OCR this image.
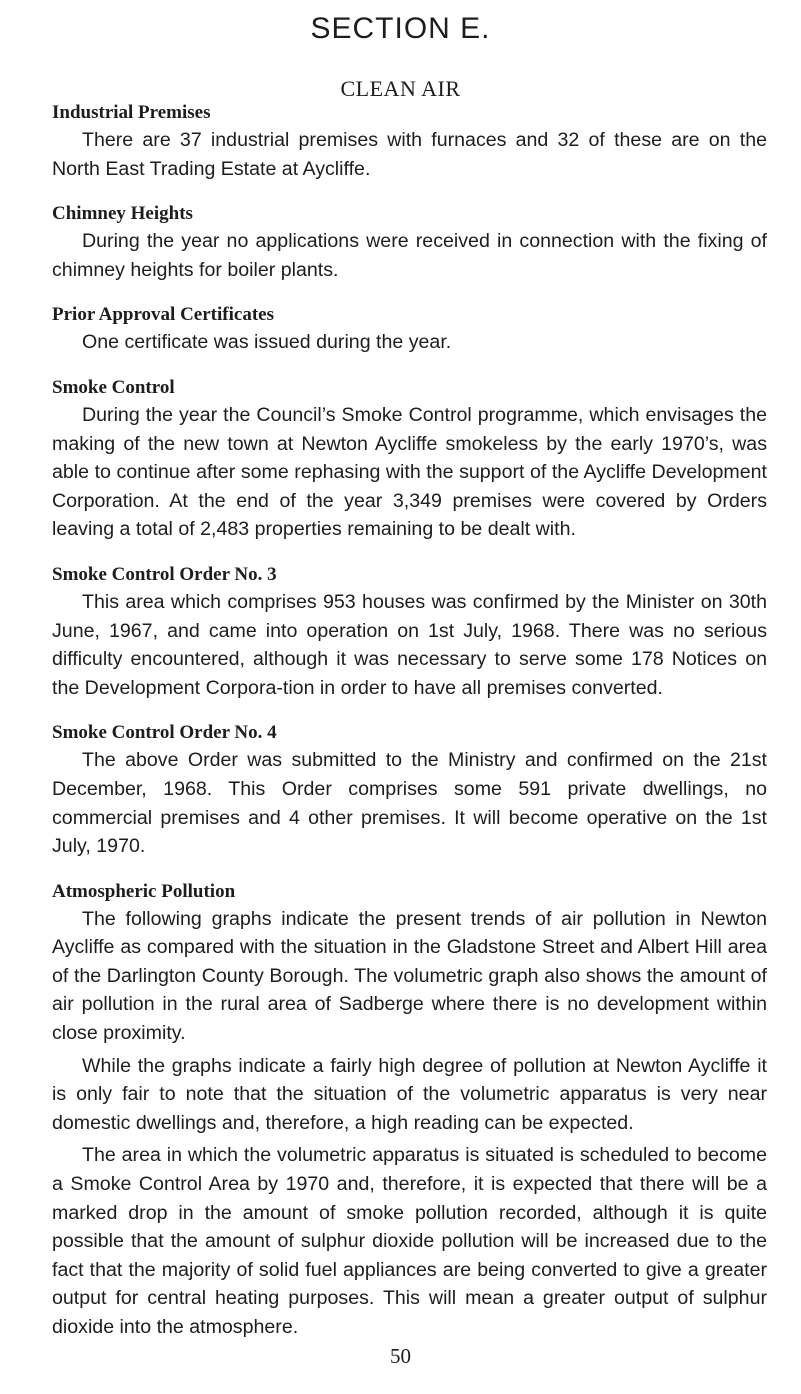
SECTION E.
CLEAN AIR
Industrial Premises

There are 37 industrial premises with furnaces and 32 of these are on the North East Trading Estate at Aycliffe.

Chimney Heights

During the year no applications were received in connection with the fixing of chimney heights for boiler plants.

Prior Approval Certificates

One certificate was issued during the year.

Smoke Control

During the year the Council’s Smoke Control programme, which envisages the making of the new town at Newton Aycliffe smokeless by the early 1970’s, was able to continue after some rephasing with the support of the Aycliffe Development Corporation. At the end of the year 3,349 premises were covered by Orders leaving a total of 2,483 properties remaining to be dealt with.

Smoke Control Order No. 3

This area which comprises 953 houses was confirmed by the Minister on 30th June, 1967, and came into operation on 1st July, 1968. There was no serious difficulty encountered, although it was necessary to serve some 178 Notices on the Development Corpora-tion in order to have all premises converted.

Smoke Control Order No. 4

The above Order was submitted to the Ministry and confirmed on the 21st December, 1968. This Order comprises some 591 private dwellings, no commercial premises and 4 other premises. It will become operative on the 1st July, 1970.

Atmospheric Pollution

The following graphs indicate the present trends of air pollution in Newton Aycliffe as compared with the situation in the Gladstone Street and Albert Hill area of the Darlington County Borough. The volumetric graph also shows the amount of air pollution in the rural area of Sadberge where there is no development within close proximity.

While the graphs indicate a fairly high degree of pollution at Newton Aycliffe it is only fair to note that the situation of the volumetric apparatus is very near domestic dwellings and, therefore, a high reading can be expected.

The area in which the volumetric apparatus is situated is scheduled to become a Smoke Control Area by 1970 and, therefore, it is expected that there will be a marked drop in the amount of smoke pollution recorded, although it is quite possible that the amount of sulphur dioxide pollution will be increased due to the fact that the majority of solid fuel appliances are being converted to give a greater output for central heating purposes. This will mean a greater output of sulphur dioxide into the atmosphere.

50
